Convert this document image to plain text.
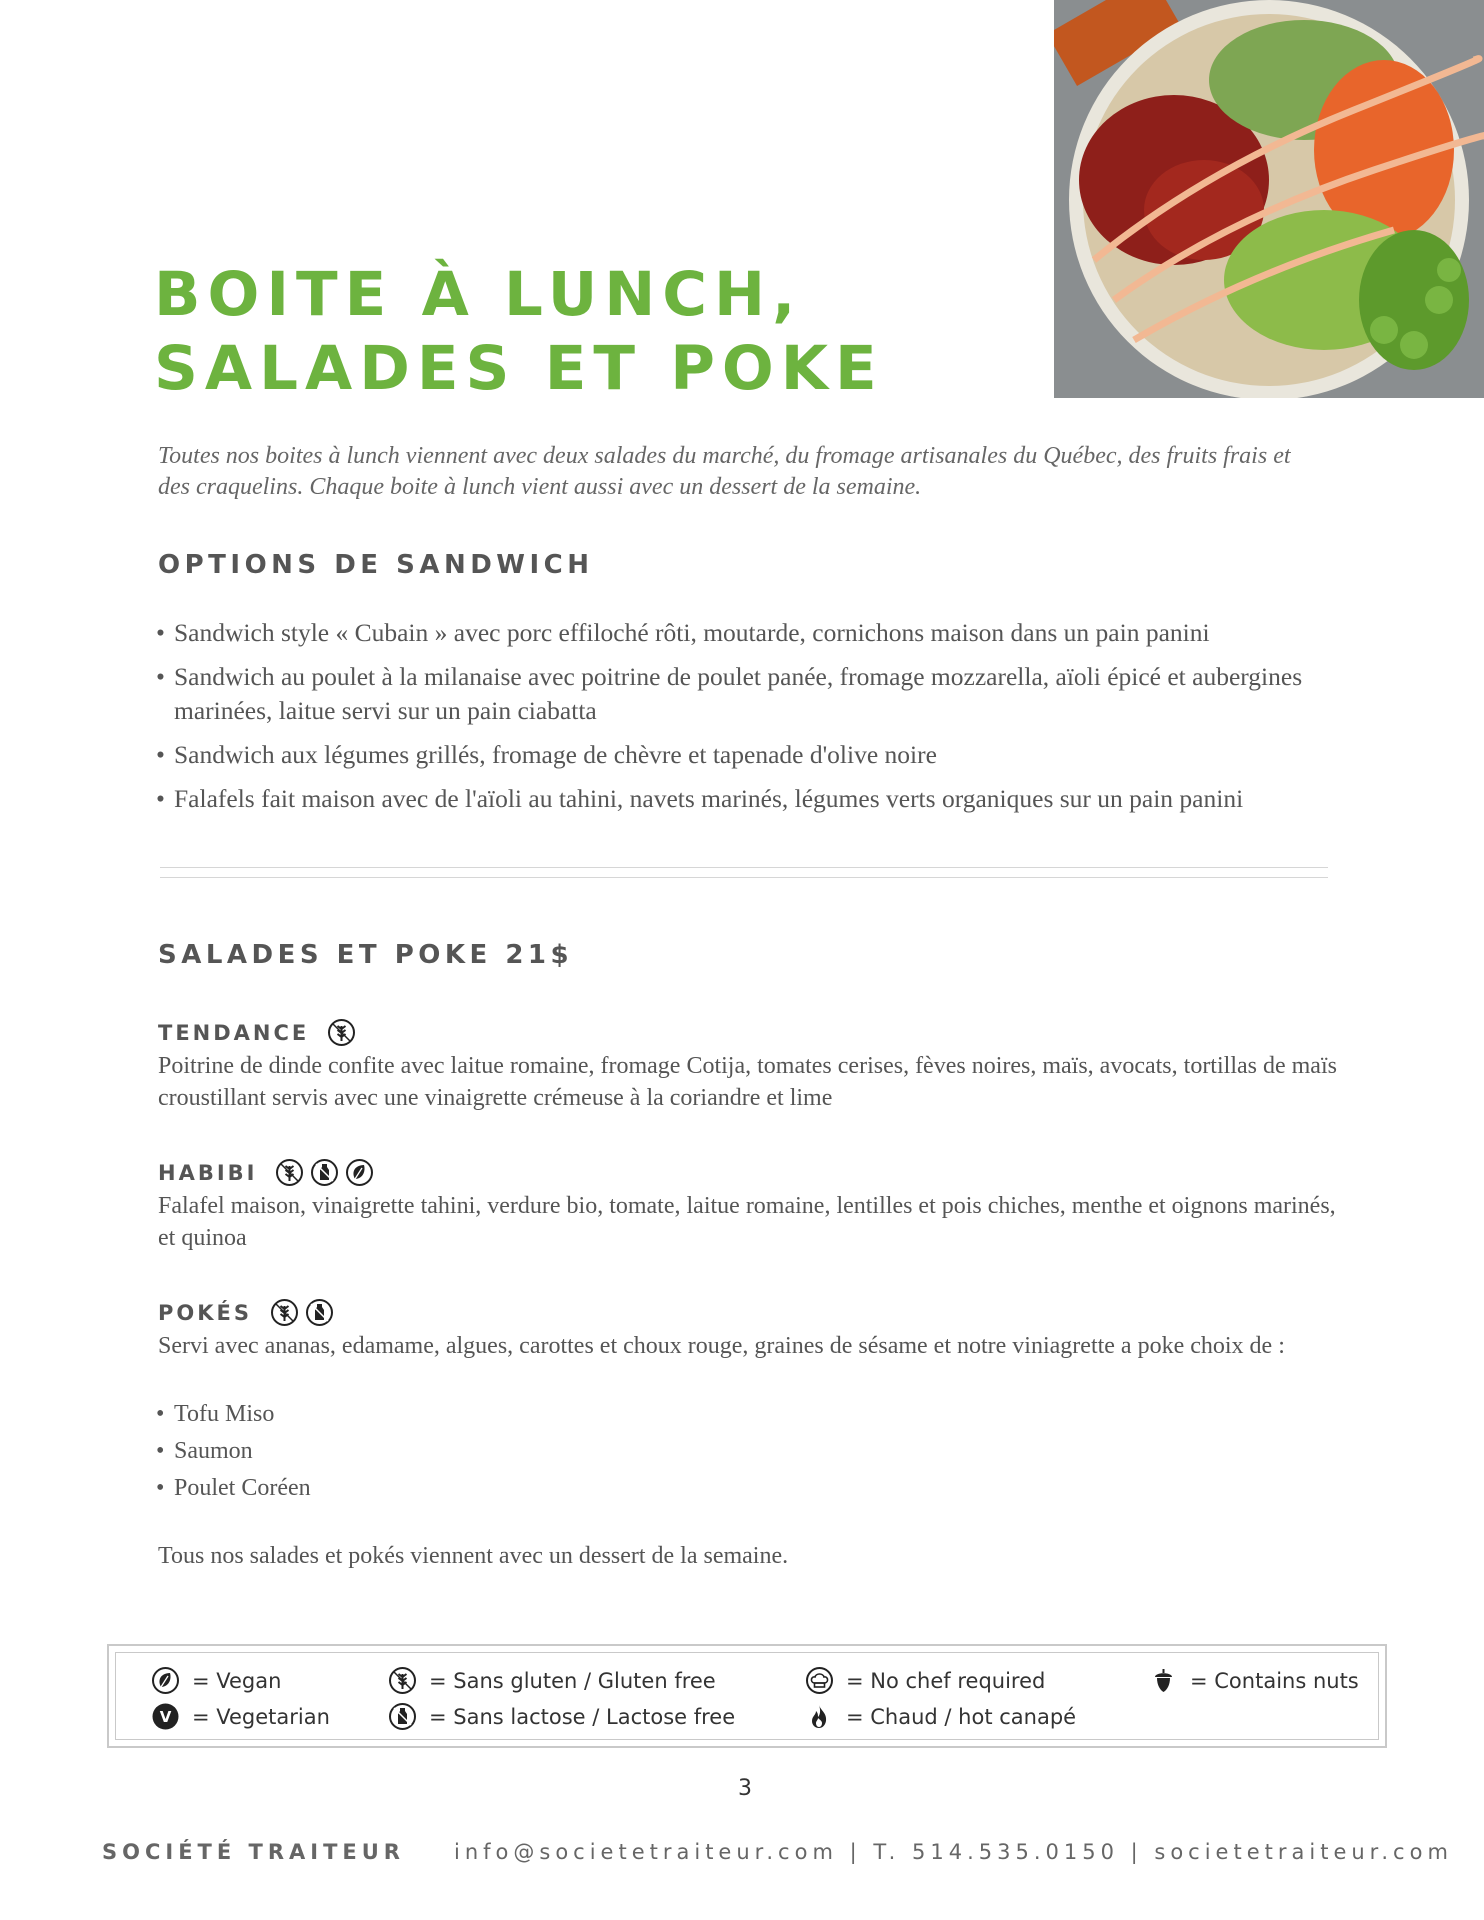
BOITE À LUNCH,
SALADES ET POKE

Toutes nos boites à lunch viennent avec deux salades du marché, du fromage artisanales du Québec, des fruits frais et des craquelins. Chaque boite à lunch vient aussi avec un dessert de la semaine.

OPTIONS DE SANDWICH
• Sandwich style « Cubain » avec porc effiloché rôti, moutarde, cornichons maison dans un pain panini
• Sandwich au poulet à la milanaise avec poitrine de poulet panée, fromage mozzarella, aïoli épicé et aubergines marinées, laitue servi sur un pain ciabatta
• Sandwich aux légumes grillés, fromage de chèvre et tapenade d'olive noire
• Falafels fait maison avec de l'aïoli au tahini, navets marinés, légumes verts organiques sur un pain panini
SALADES ET POKE 21$
TENDANCE

Poitrine de dinde confite avec laitue romaine, fromage Cotija, tomates cerises, fèves noires, maïs, avocats, tortillas de maïs croustillant servis avec une vinaigrette crémeuse à la coriandre et lime

HABIBI

Falafel maison, vinaigrette tahini, verdure bio, tomate, laitue romaine, lentilles et pois chiches, menthe et oignons marinés, et quinoa

POKÉS

Servi avec ananas, edamame, algues, carottes et choux rouge, graines de sésame et notre viniagrette a poke choix de :

• Tofu Miso
• Saumon
• Poulet Coréen

Tous nos salades et pokés viennent avec un dessert de la semaine.

= Vegan
V = Vegetarian
= Sans gluten / Gluten free
= Sans lactose / Lactose free
= No chef required
= Chaud / hot canapé
= Contains nuts
3
SOCIÉTÉ TRAITEUR info@societetraiteur.com | T. 514.535.0150 | societetraiteur.com
